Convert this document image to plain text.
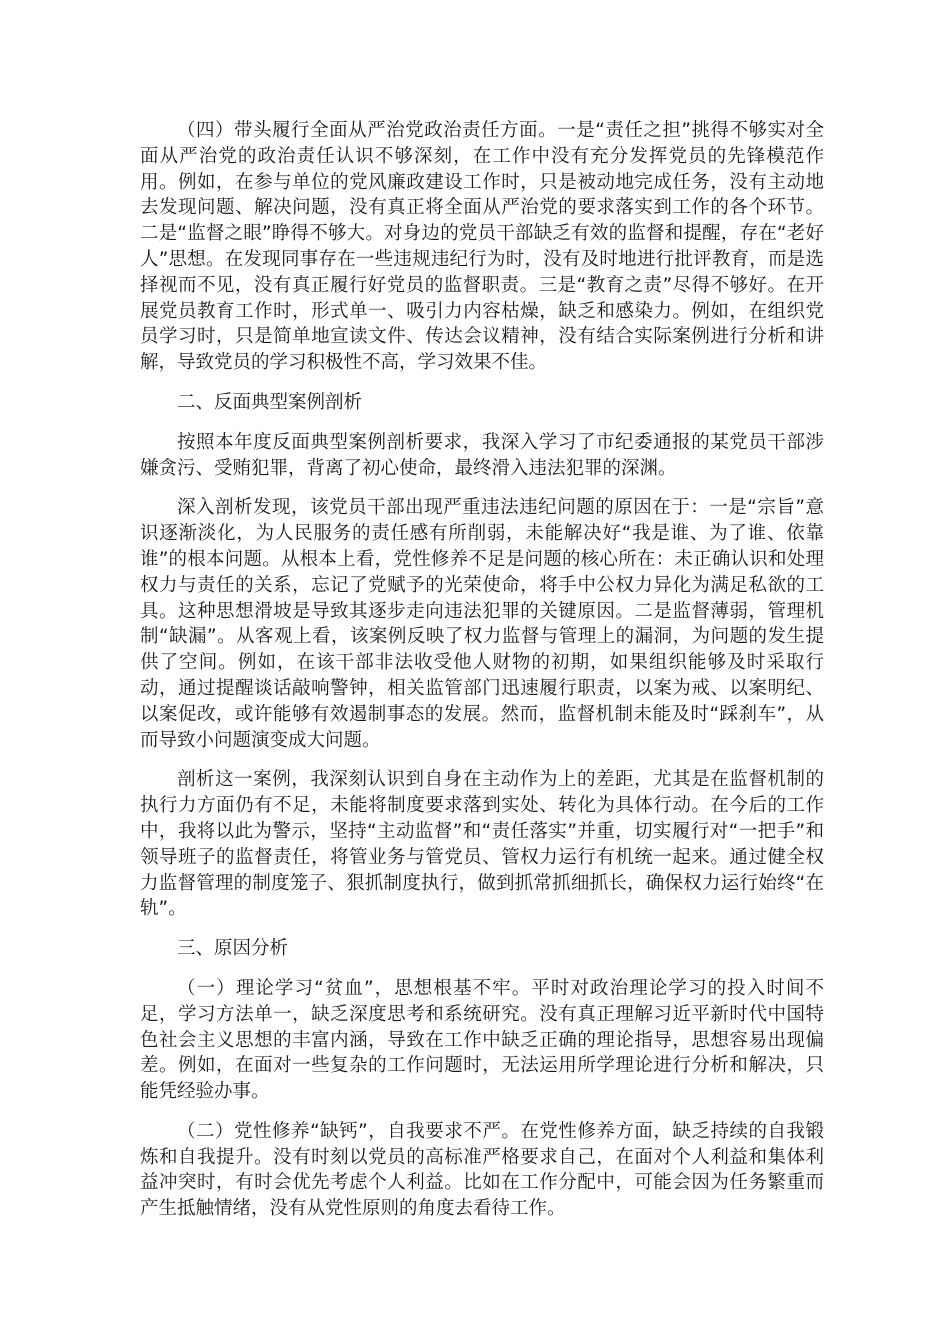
（四）带头履行全面从严治党政治责任方面。一是“责任之担”挑得不够实对全面从严治党的政治责任认识不够深刻，在工作中没有充分发挥党员的先锋模范作用。例如，在参与单位的党风廉政建设工作时，只是被动地完成任务，没有主动地去发现问题、解决问题，没有真正将全面从严治党的要求落实到工作的各个环节。二是“监督之眼”睁得不够大。对身边的党员干部缺乏有效的监督和提醒，存在“老好人”思想。在发现同事存在一些违规违纪行为时，没有及时地进行批评教育，而是选择视而不见，没有真正履行好党员的监督职责。三是“教育之责”尽得不够好。在开展党员教育工作时，形式单一、吸引力内容枯燥，缺乏和感染力。例如，在组织党员学习时，只是简单地宣读文件、传达会议精神，没有结合实际案例进行分析和讲解，导致党员的学习积极性不高，学习效果不佳。

二、反面典型案例剖析

按照本年度反面典型案例剖析要求，我深入学习了市纪委通报的某党员干部涉嫌贪污、受贿犯罪，背离了初心使命，最终滑入违法犯罪的深渊。

深入剖析发现，该党员干部出现严重违法违纪问题的原因在于：一是“宗旨”意识逐渐淡化，为人民服务的责任感有所削弱，未能解决好“我是谁、为了谁、依靠谁”的根本问题。从根本上看，党性修养不足是问题的核心所在：未正确认识和处理权力与责任的关系，忘记了党赋予的光荣使命，将手中公权力异化为满足私欲的工具。这种思想滑坡是导致其逐步走向违法犯罪的关键原因。二是监督薄弱，管理机制“缺漏”。从客观上看，该案例反映了权力监督与管理上的漏洞，为问题的发生提供了空间。例如，在该干部非法收受他人财物的初期，如果组织能够及时采取行动，通过提醒谈话敲响警钟，相关监管部门迅速履行职责，以案为戒、以案明纪、以案促改，或许能够有效遏制事态的发展。然而，监督机制未能及时“踩刹车”，从而导致小问题演变成大问题。

剖析这一案例，我深刻认识到自身在主动作为上的差距，尤其是在监督机制的执行力方面仍有不足，未能将制度要求落到实处、转化为具体行动。在今后的工作中，我将以此为警示，坚持“主动监督”和“责任落实”并重，切实履行对“一把手”和领导班子的监督责任，将管业务与管党员、管权力运行有机统一起来。通过健全权力监督管理的制度笼子、狠抓制度执行，做到抓常抓细抓长，确保权力运行始终“在轨”。

三、原因分析

（一）理论学习“贫血”，思想根基不牢。平时对政治理论学习的投入时间不足，学习方法单一，缺乏深度思考和系统研究。没有真正理解习近平新时代中国特色社会主义思想的丰富内涵，导致在工作中缺乏正确的理论指导，思想容易出现偏差。例如，在面对一些复杂的工作问题时，无法运用所学理论进行分析和解决，只能凭经验办事。

（二）党性修养“缺钙”，自我要求不严。在党性修养方面，缺乏持续的自我锻炼和自我提升。没有时刻以党员的高标准严格要求自己，在面对个人利益和集体利益冲突时，有时会优先考虑个人利益。比如在工作分配中，可能会因为任务繁重而产生抵触情绪，没有从党性原则的角度去看待工作。
